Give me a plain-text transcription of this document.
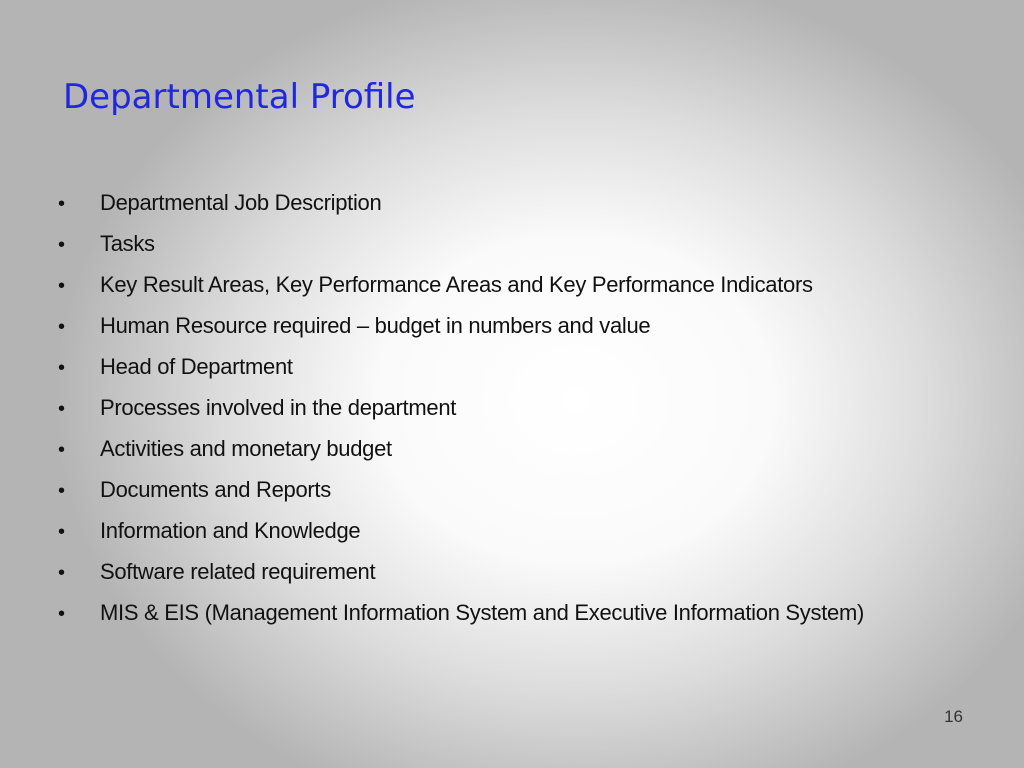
Departmental Profile
•	Departmental Job Description
•	Tasks
•	Key Result Areas, Key Performance Areas and Key Performance Indicators
•	Human Resource required – budget in numbers and value
•	Head of Department
•	Processes involved in the department
•	Activities and monetary budget
•	Documents and Reports
•	Information and Knowledge
•	Software related requirement
•	MIS & EIS (Management Information System and Executive Information System)
16
